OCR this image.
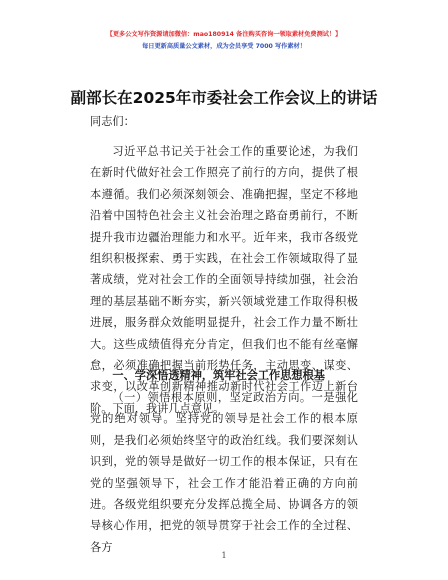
【更多公文写作资源请加微信：mao180914 备注购买咨询一领取素材免费测试！】
每日更新高质量公文素材，成为会员享受 7000 写作素材！
副部长在2025年市委社会工作会议上的讲话
同志们：

习近平总书记关于社会工作的重要论述，为我们在新时代做好社会工作照亮了前行的方向，提供了根本遵循。我们必须深刻领会、准确把握，坚定不移地沿着中国特色社会主义社会治理之路奋勇前行，不断提升我市边疆治理能力和水平。近年来，我市各级党组织积极探索、勇于实践，在社会工作领域取得了显著成绩，党对社会工作的全面领导持续加强，社会治理的基层基础不断夯实，新兴领域党建工作取得积极进展，服务群众效能明显提升，社会工作力量不断壮大。这些成绩值得充分肯定，但我们也不能有丝毫懈怠，必须准确把握当前形势任务，主动思变、谋变、求变，以改革创新精神推动新时代社会工作迈上新台阶。下面，我讲几点意见。

一、学深悟透精神，筑牢社会工作思想根基

（一）领悟根本原则，坚定政治方向。一是强化党的绝对领导。坚持党的领导是社会工作的根本原则，是我们必须始终坚守的政治红线。我们要深刻认识到，党的领导是做好一切工作的根本保证，只有在党的坚强领导下，社会工作才能沿着正确的方向前进。各级党组织要充分发挥总揽全局、协调各方的领导核心作用，把党的领导贯穿于社会工作的全过程、各方

1
